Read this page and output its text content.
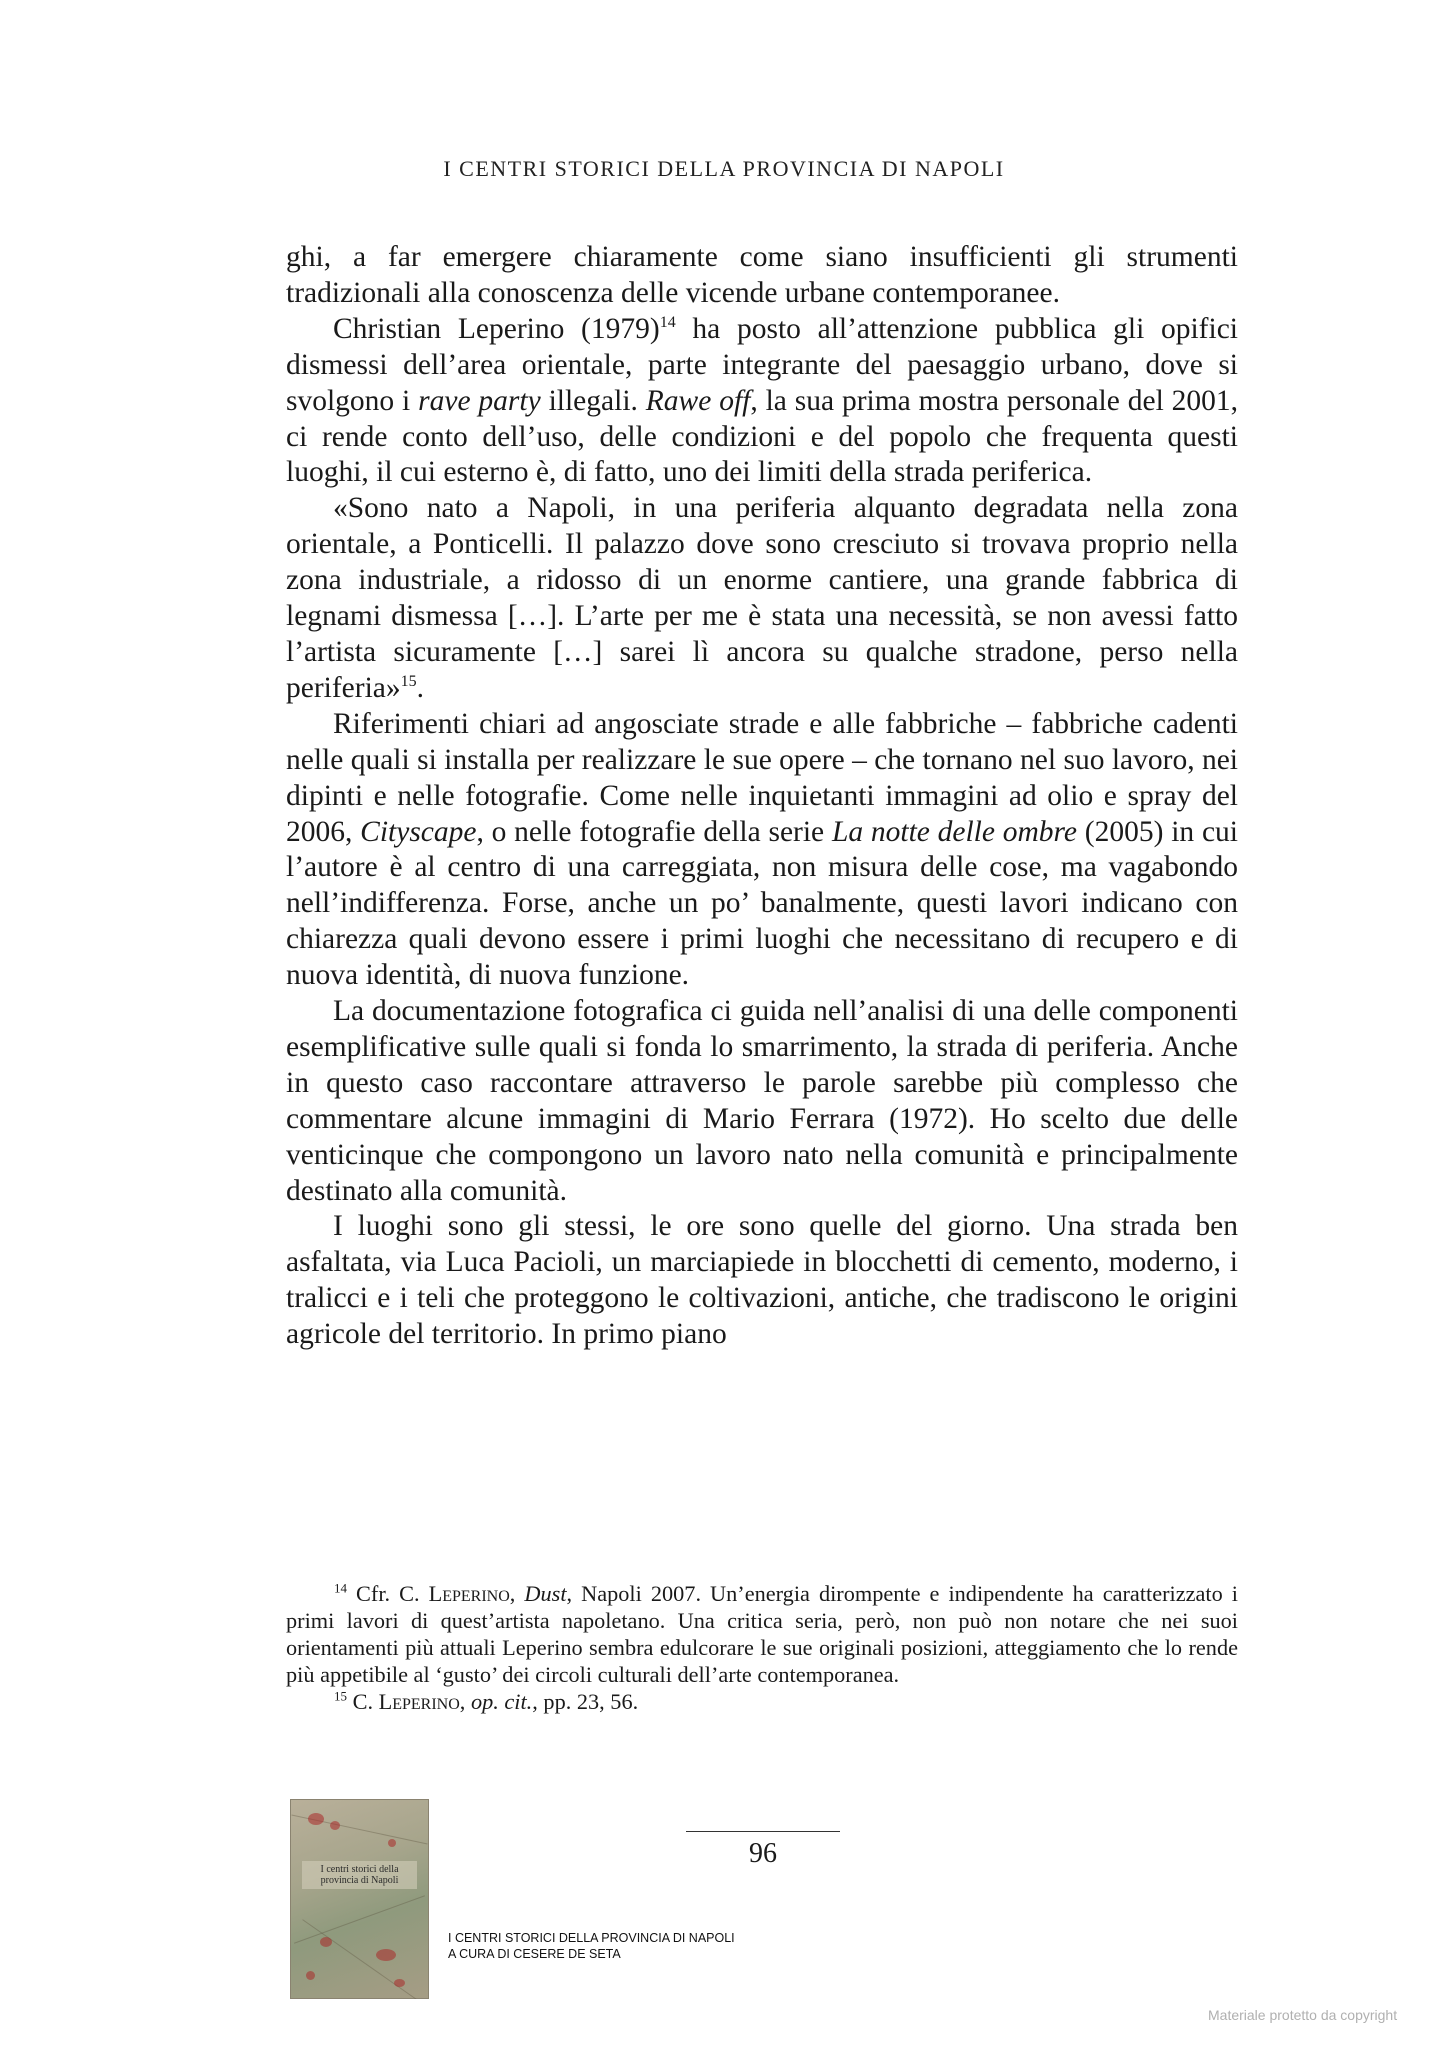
I CENTRI STORICI DELLA PROVINCIA DI NAPOLI

ghi, a far emergere chiaramente come siano insufficienti gli strumenti tradizionali alla conoscenza delle vicende urbane contemporanee.

Christian Leperino (1979)$^{14}$ ha posto all’attenzione pubblica gli opifici dismessi dell’area orientale, parte integrante del paesaggio urbano, dove si svolgono i rave party illegali. Rawe off, la sua prima mostra personale del 2001, ci rende conto dell’uso, delle condizioni e del popolo che frequenta questi luoghi, il cui esterno è, di fatto, uno dei limiti della strada periferica.

«Sono nato a Napoli, in una periferia alquanto degradata nella zona orientale, a Ponticelli. Il palazzo dove sono cresciuto si trovava proprio nella zona industriale, a ridosso di un enorme cantiere, una grande fabbrica di legnami dismessa […]. L’arte per me è stata una necessità, se non avessi fatto l’artista sicuramente […] sarei lì ancora su qualche stradone, perso nella periferia»$^{15}$.

Riferimenti chiari ad angosciate strade e alle fabbriche – fabbriche cadenti nelle quali si installa per realizzare le sue opere – che tornano nel suo lavoro, nei dipinti e nelle fotografie. Come nelle inquietanti immagini ad olio e spray del 2006, Cityscape, o nelle fotografie della serie La notte delle ombre (2005) in cui l’autore è al centro di una carreggiata, non misura delle cose, ma vagabondo nell’indifferenza. Forse, anche un po’ banalmente, questi lavori indicano con chiarezza quali devono essere i primi luoghi che necessitano di recupero e di nuova identità, di nuova funzione.

La documentazione fotografica ci guida nell’analisi di una delle componenti esemplificative sulle quali si fonda lo smarrimento, la strada di periferia. Anche in questo caso raccontare attraverso le parole sarebbe più complesso che commentare alcune immagini di Mario Ferrara (1972). Ho scelto due delle venticinque che compongono un lavoro nato nella comunità e principalmente destinato alla comunità.

I luoghi sono gli stessi, le ore sono quelle del giorno. Una strada ben asfaltata, via Luca Pacioli, un marciapiede in blocchetti di cemento, moderno, i tralicci e i teli che proteggono le coltivazioni, antiche, che tradiscono le origini agricole del territorio. In primo piano

$^{14}$ Cfr. C. Leperino, Dust, Napoli 2007. Un’energia dirompente e indipendente ha caratterizzato i primi lavori di quest’artista napoletano. Una critica seria, però, non può non notare che nei suoi orientamenti più attuali Leperino sembra edulcorare le sue originali posizioni, atteggiamento che lo rende più appetibile al ‘gusto’ dei circoli culturali dell’arte contemporanea.

$^{15}$ C. Leperino, op. cit., pp. 23, 56.

96
I centri storici della provincia di Napoli
I CENTRI STORICI DELLA PROVINCIA DI NAPOLI
A CURA DI CESERE DE SETA
Materiale protetto da copyright
